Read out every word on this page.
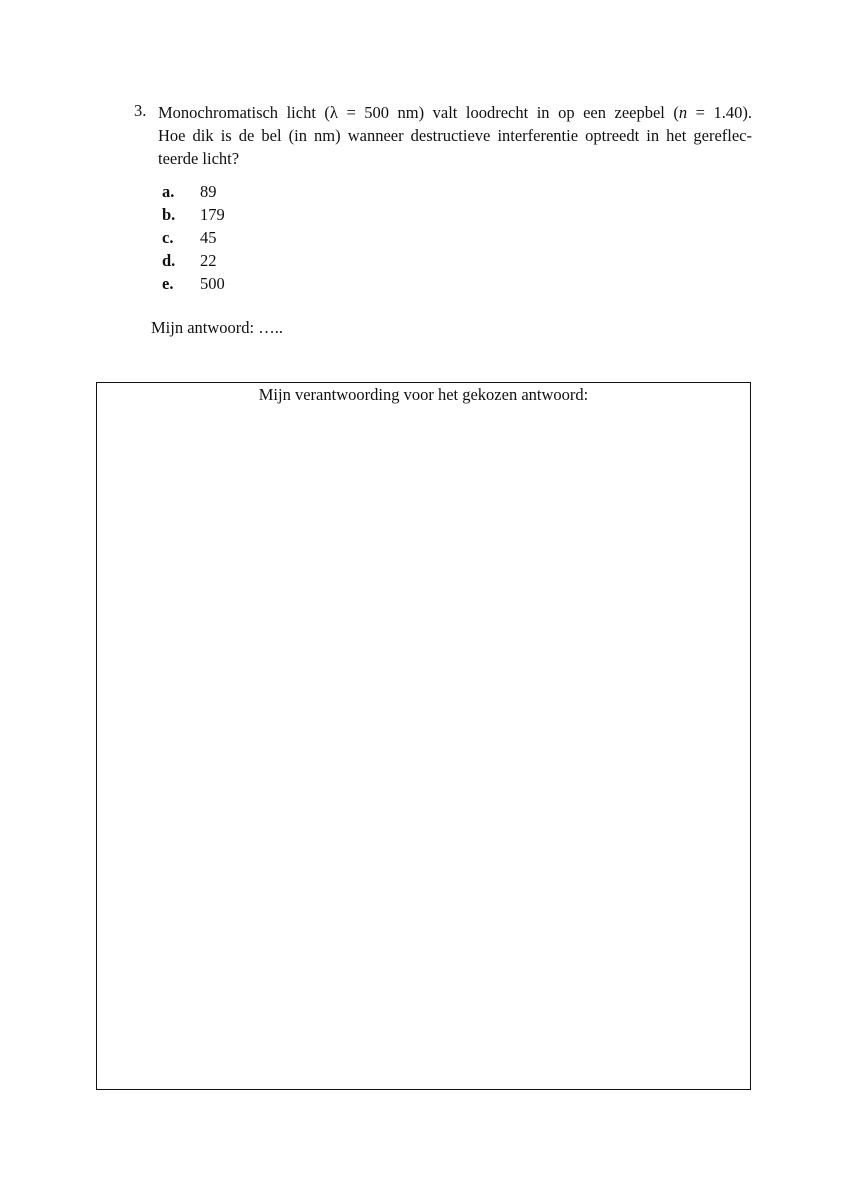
3. Monochromatisch licht (λ = 500 nm) valt loodrecht in op een zeepbel (n = 1.40).
Hoe dik is de bel (in nm) wanneer destructieve interferentie optreedt in het gereflec-
teerde licht?
a.	89
b.	179
c.	45
d.	22
e.	500
Mijn antwoord: …..
Mijn verantwoording voor het gekozen antwoord:
